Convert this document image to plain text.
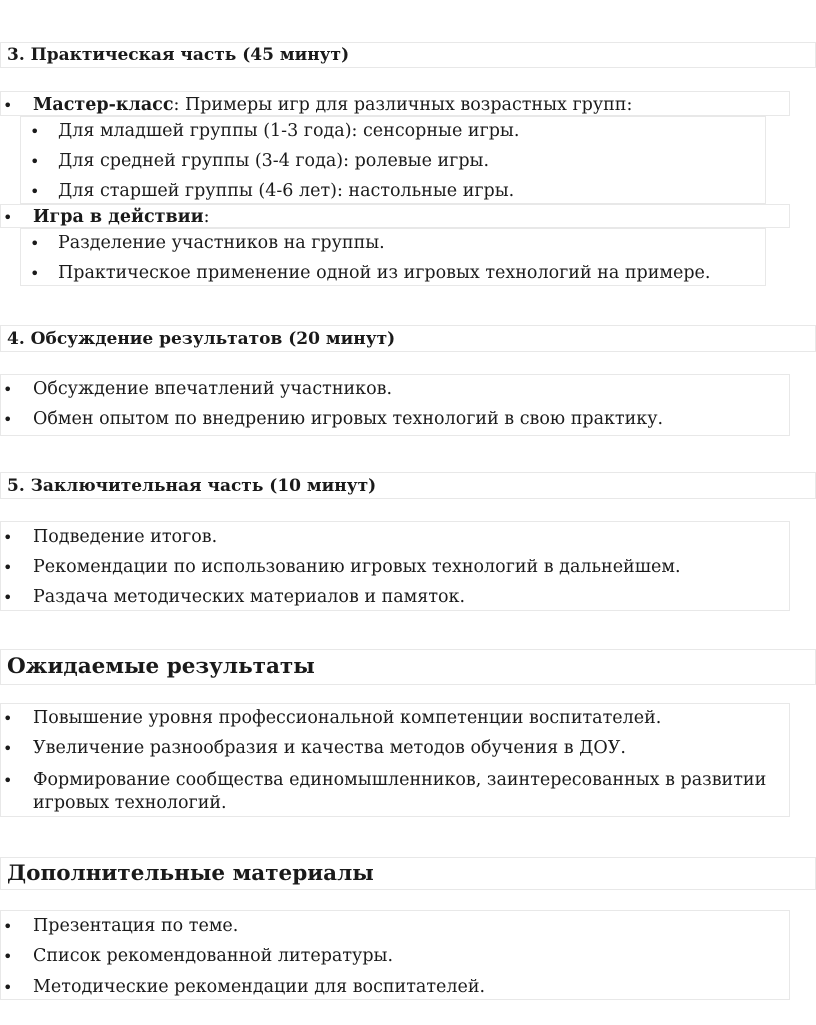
3. Практическая часть (45 минут)
• Мастер-класс: Примеры игр для различных возрастных групп:
• Для младшей группы (1-3 года): сенсорные игры.
• Для средней группы (3-4 года): ролевые игры.
• Для старшей группы (4-6 лет): настольные игры.
• Игра в действии:
• Разделение участников на группы.
• Практическое применение одной из игровых технологий на примере.
4. Обсуждение результатов (20 минут)
• Обсуждение впечатлений участников.
• Обмен опытом по внедрению игровых технологий в свою практику.
5. Заключительная часть (10 минут)
• Подведение итогов.
• Рекомендации по использованию игровых технологий в дальнейшем.
• Раздача методических материалов и памяток.
Ожидаемые результаты
• Повышение уровня профессиональной компетенции воспитателей.
• Увеличение разнообразия и качества методов обучения в ДОУ.
• Формирование сообщества единомышленников, заинтересованных в развитии игровых технологий.
Дополнительные материалы
• Презентация по теме.
• Список рекомендованной литературы.
• Методические рекомендации для воспитателей.
